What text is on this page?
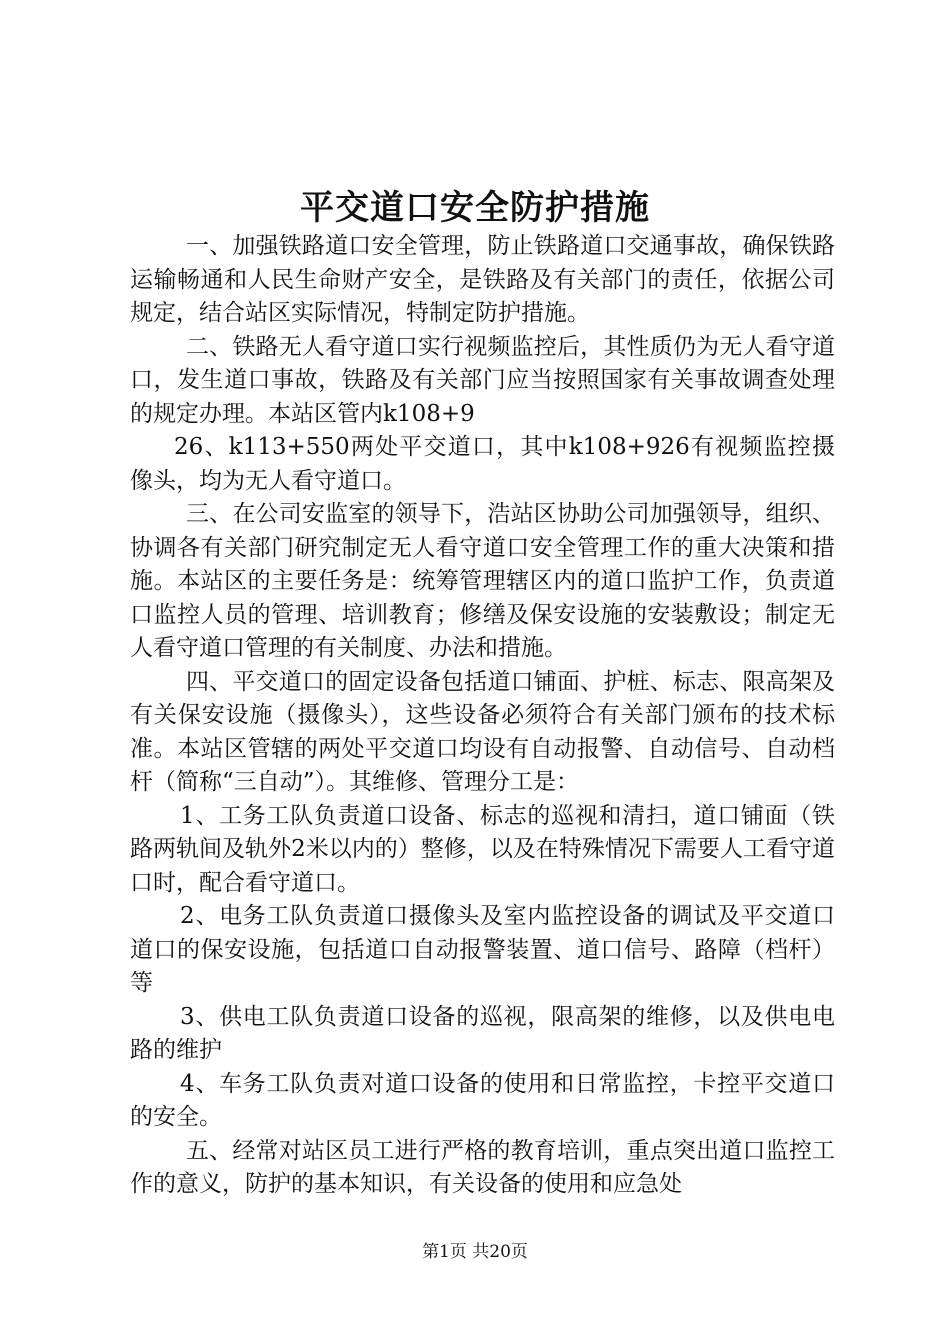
平交道口安全防护措施

一、加强铁路道口安全管理，防止铁路道口交通事故，确保铁路运输畅通和人民生命财产安全，是铁路及有关部门的责任，依据公司规定，结合站区实际情况，特制定防护措施。

二、铁路无人看守道口实行视频监控后，其性质仍为无人看守道口，发生道口事故，铁路及有关部门应当按照国家有关事故调查处理的规定办理。本站区管内k108+9

26、k113+550两处平交道口，其中k108+926有视频监控摄像头，均为无人看守道口。

三、在公司安监室的领导下，浩站区协助公司加强领导，组织、协调各有关部门研究制定无人看守道口安全管理工作的重大决策和措施。本站区的主要任务是：统筹管理辖区内的道口监护工作，负责道口监控人员的管理、培训教育；修缮及保安设施的安装敷设；制定无人看守道口管理的有关制度、办法和措施。

四、平交道口的固定设备包括道口铺面、护桩、标志、限高架及有关保安设施（摄像头），这些设备必须符合有关部门颁布的技术标准。本站区管辖的两处平交道口均设有自动报警、自动信号、自动档杆（简称“三自动”）。其维修、管理分工是：

1、工务工队负责道口设备、标志的巡视和清扫，道口铺面（铁路两轨间及轨外2米以内的）整修，以及在特殊情况下需要人工看守道口时，配合看守道口。

2、电务工队负责道口摄像头及室内监控设备的调试及平交道口道口的保安设施，包括道口自动报警装置、道口信号、路障（档杆）等

3、供电工队负责道口设备的巡视，限高架的维修，以及供电电路的维护

4、车务工队负责对道口设备的使用和日常监控，卡控平交道口的安全。

五、经常对站区员工进行严格的教育培训，重点突出道口监控工作的意义，防护的基本知识，有关设备的使用和应急处

第1页 共20页
